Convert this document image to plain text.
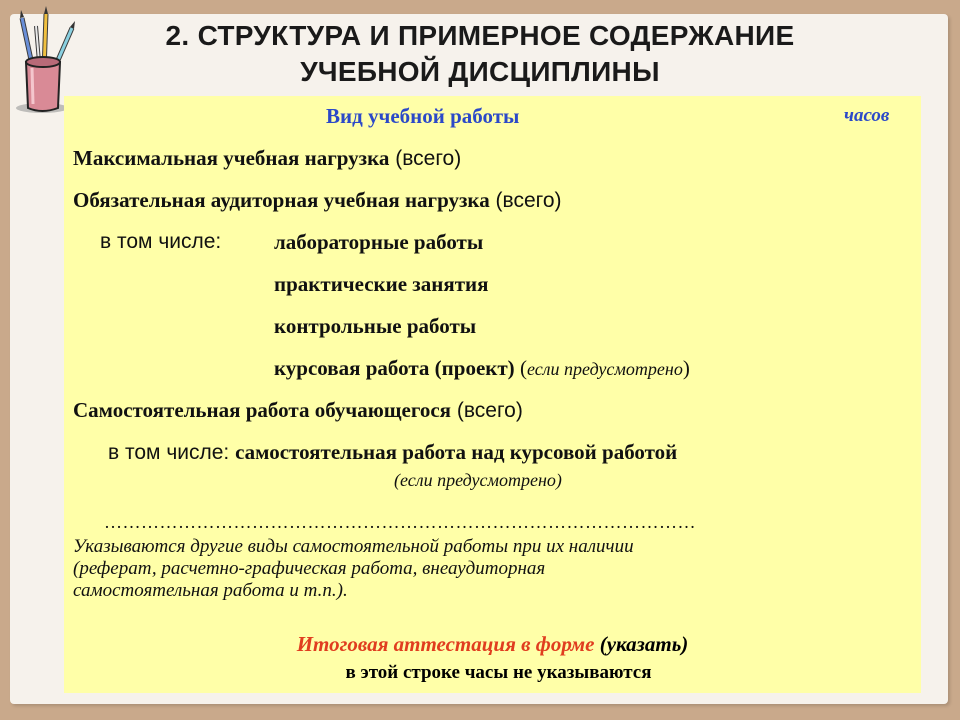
2. СТРУКТУРА И ПРИМЕРНОЕ СОДЕРЖАНИЕ
УЧЕБНОЙ ДИСЦИПЛИНЫ
Вид учебной работы	часов
Максимальная учебная нагрузка (всего)
Обязательная аудиторная учебная нагрузка (всего)
в том числе:	лабораторные работы
практические занятия
контрольные работы
курсовая работа (проект) (если предусмотрено)
Самостоятельная работа обучающегося (всего)
в том числе: самостоятельная работа над курсовой работой
(если предусмотрено)
……………………………………………………………………………………
Указываются другие виды самостоятельной работы при их наличии
(реферат, расчетно-графическая работа, внеаудиторная
самостоятельная работа и т.п.).
Итоговая аттестация в форме (указать)
в этой строке часы не указываются
